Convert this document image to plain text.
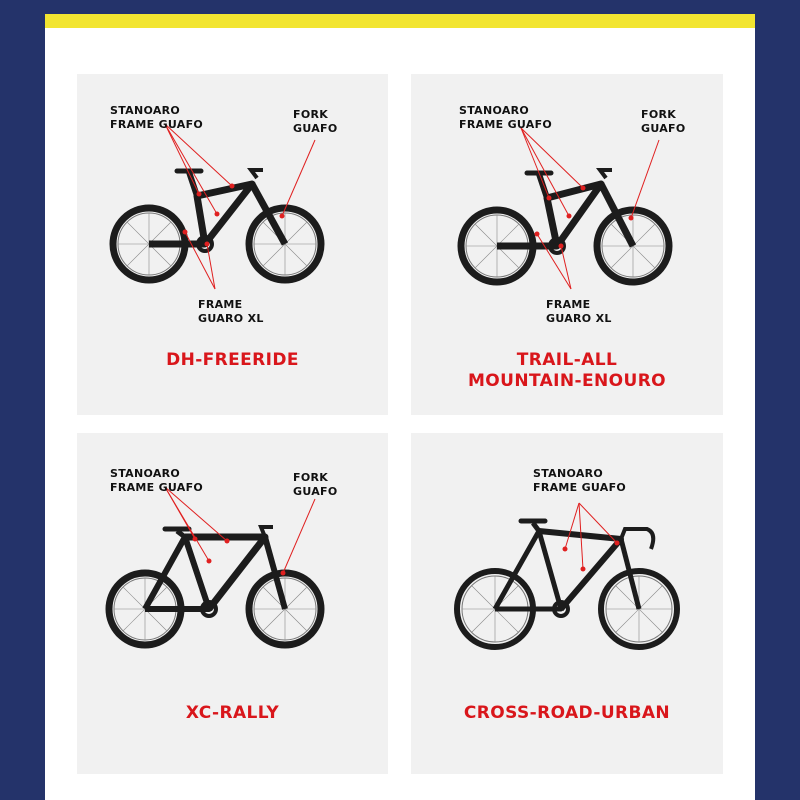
STANOARO
FRAME GUAFO
FORK
GUAFO
FRAME
GUARO XL
DH-FREERIDE
STANOARO
FRAME GUAFO
FORK
GUAFO
FRAME
GUARO XL
TRAIL-ALL
MOUNTAIN-ENOURO
STANOARO
FRAME GUAFO
FORK
GUAFO
XC-RALLY
STANOARO
FRAME GUAFO
CROSS-ROAD-URBAN
